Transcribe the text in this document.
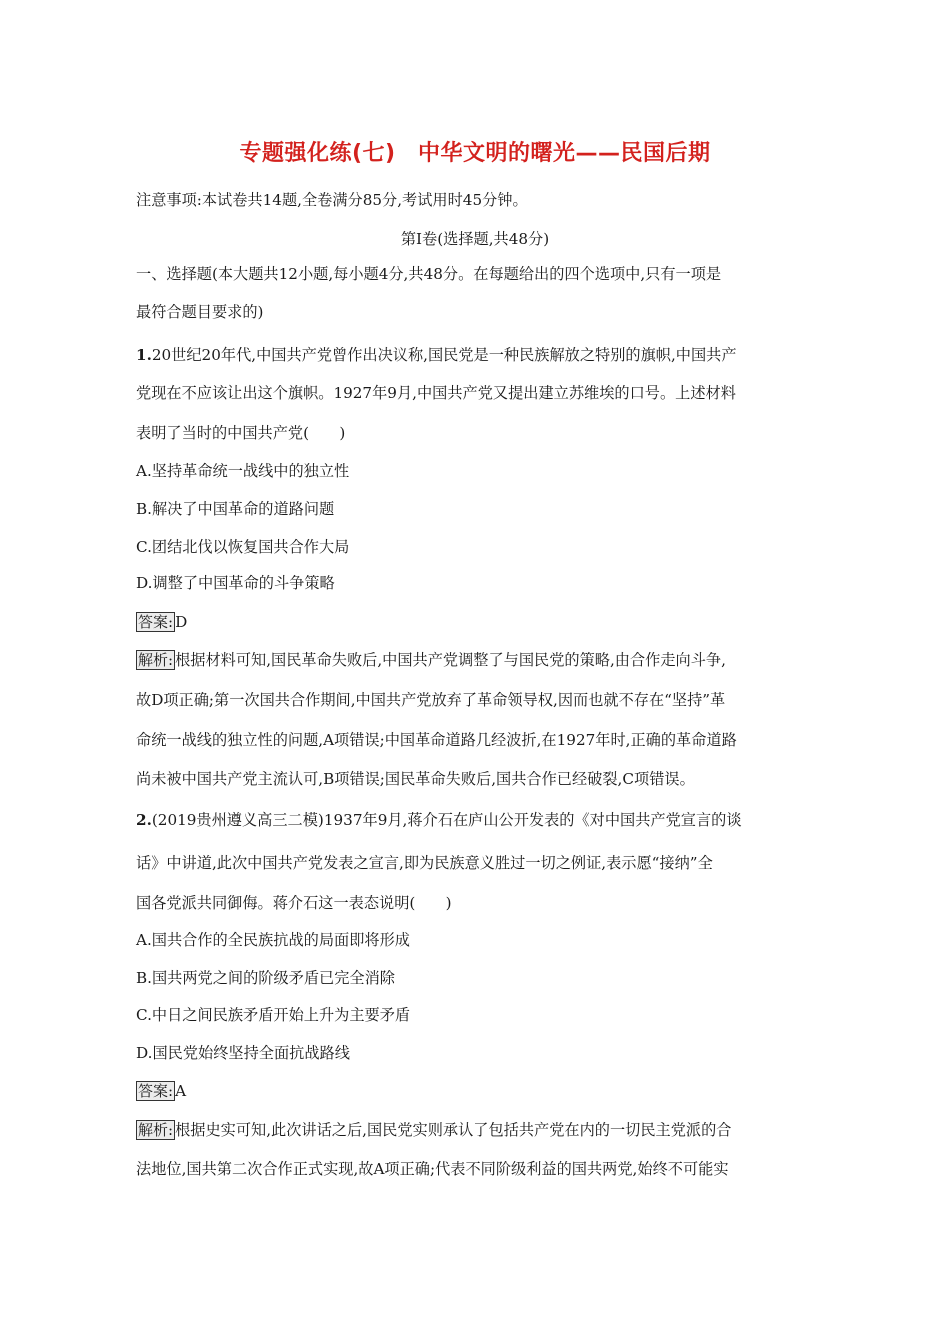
专题强化练(七)　中华文明的曙光——民国后期
注意事项:本试卷共14题,全卷满分85分,考试用时45分钟。
第Ⅰ卷(选择题,共48分)
一、选择题(本大题共12小题,每小题4分,共48分。在每题给出的四个选项中,只有一项是
最符合题目要求的)
1.20世纪20年代,中国共产党曾作出决议称,国民党是一种民族解放之特别的旗帜,中国共产
党现在不应该让出这个旗帜。1927年9月,中国共产党又提出建立苏维埃的口号。上述材料
表明了当时的中国共产党(　　)
A.坚持革命统一战线中的独立性
B.解决了中国革命的道路问题
C.团结北伐以恢复国共合作大局
D.调整了中国革命的斗争策略
答案: D
解析: 根据材料可知,国民革命失败后,中国共产党调整了与国民党的策略,由合作走向斗争,
故D项正确;第一次国共合作期间,中国共产党放弃了革命领导权,因而也就不存在“坚持”革
命统一战线的独立性的问题,A项错误;中国革命道路几经波折,在1927年时,正确的革命道路
尚未被中国共产党主流认可,B项错误;国民革命失败后,国共合作已经破裂,C项错误。
2.(2019贵州遵义高三二模)1937年9月,蒋介石在庐山公开发表的《对中国共产党宣言的谈
话》中讲道,此次中国共产党发表之宣言,即为民族意义胜过一切之例证,表示愿“接纳”全
国各党派共同御侮。蒋介石这一表态说明(　　)
A.国共合作的全民族抗战的局面即将形成
B.国共两党之间的阶级矛盾已完全消除
C.中日之间民族矛盾开始上升为主要矛盾
D.国民党始终坚持全面抗战路线
答案: A
解析: 根据史实可知,此次讲话之后,国民党实则承认了包括共产党在内的一切民主党派的合
法地位,国共第二次合作正式实现,故A项正确;代表不同阶级利益的国共两党,始终不可能实
